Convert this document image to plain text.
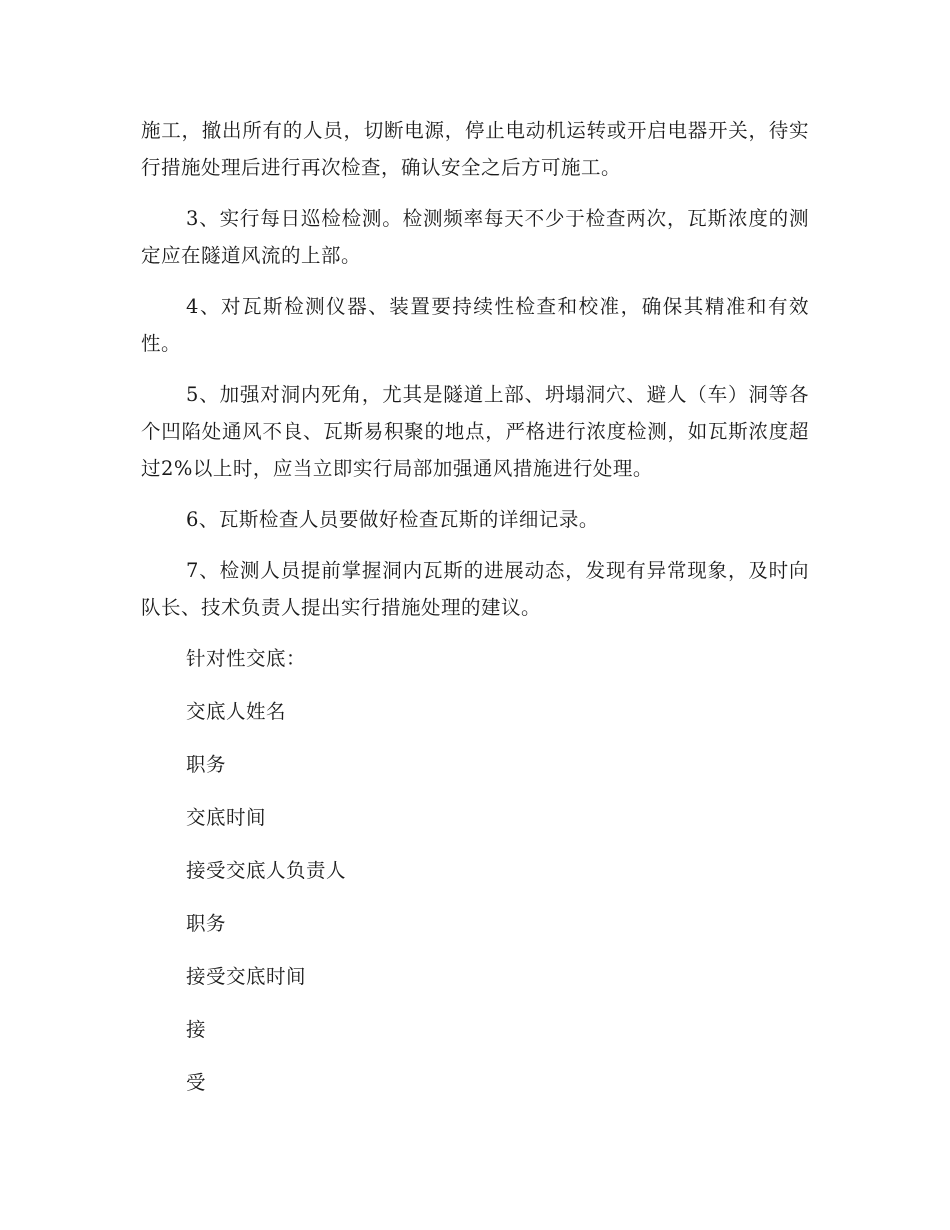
施工，撤出所有的人员，切断电源，停止电动机运转或开启电器开关，待实行措施处理后进行再次检查，确认安全之后方可施工。

3、实行每日巡检检测。检测频率每天不少于检查两次，瓦斯浓度的测定应在隧道风流的上部。

4、对瓦斯检测仪器、装置要持续性检查和校准，确保其精准和有效性。

5、加强对洞内死角，尤其是隧道上部、坍塌洞穴、避人（车）洞等各个凹陷处通风不良、瓦斯易积聚的地点，严格进行浓度检测，如瓦斯浓度超过2%以上时，应当立即实行局部加强通风措施进行处理。

6、瓦斯检查人员要做好检查瓦斯的详细记录。

7、检测人员提前掌握洞内瓦斯的进展动态，发现有异常现象，及时向队长、技术负责人提出实行措施处理的建议。

针对性交底：

交底人姓名

职务

交底时间

接受交底人负责人

职务

接受交底时间

接

受
